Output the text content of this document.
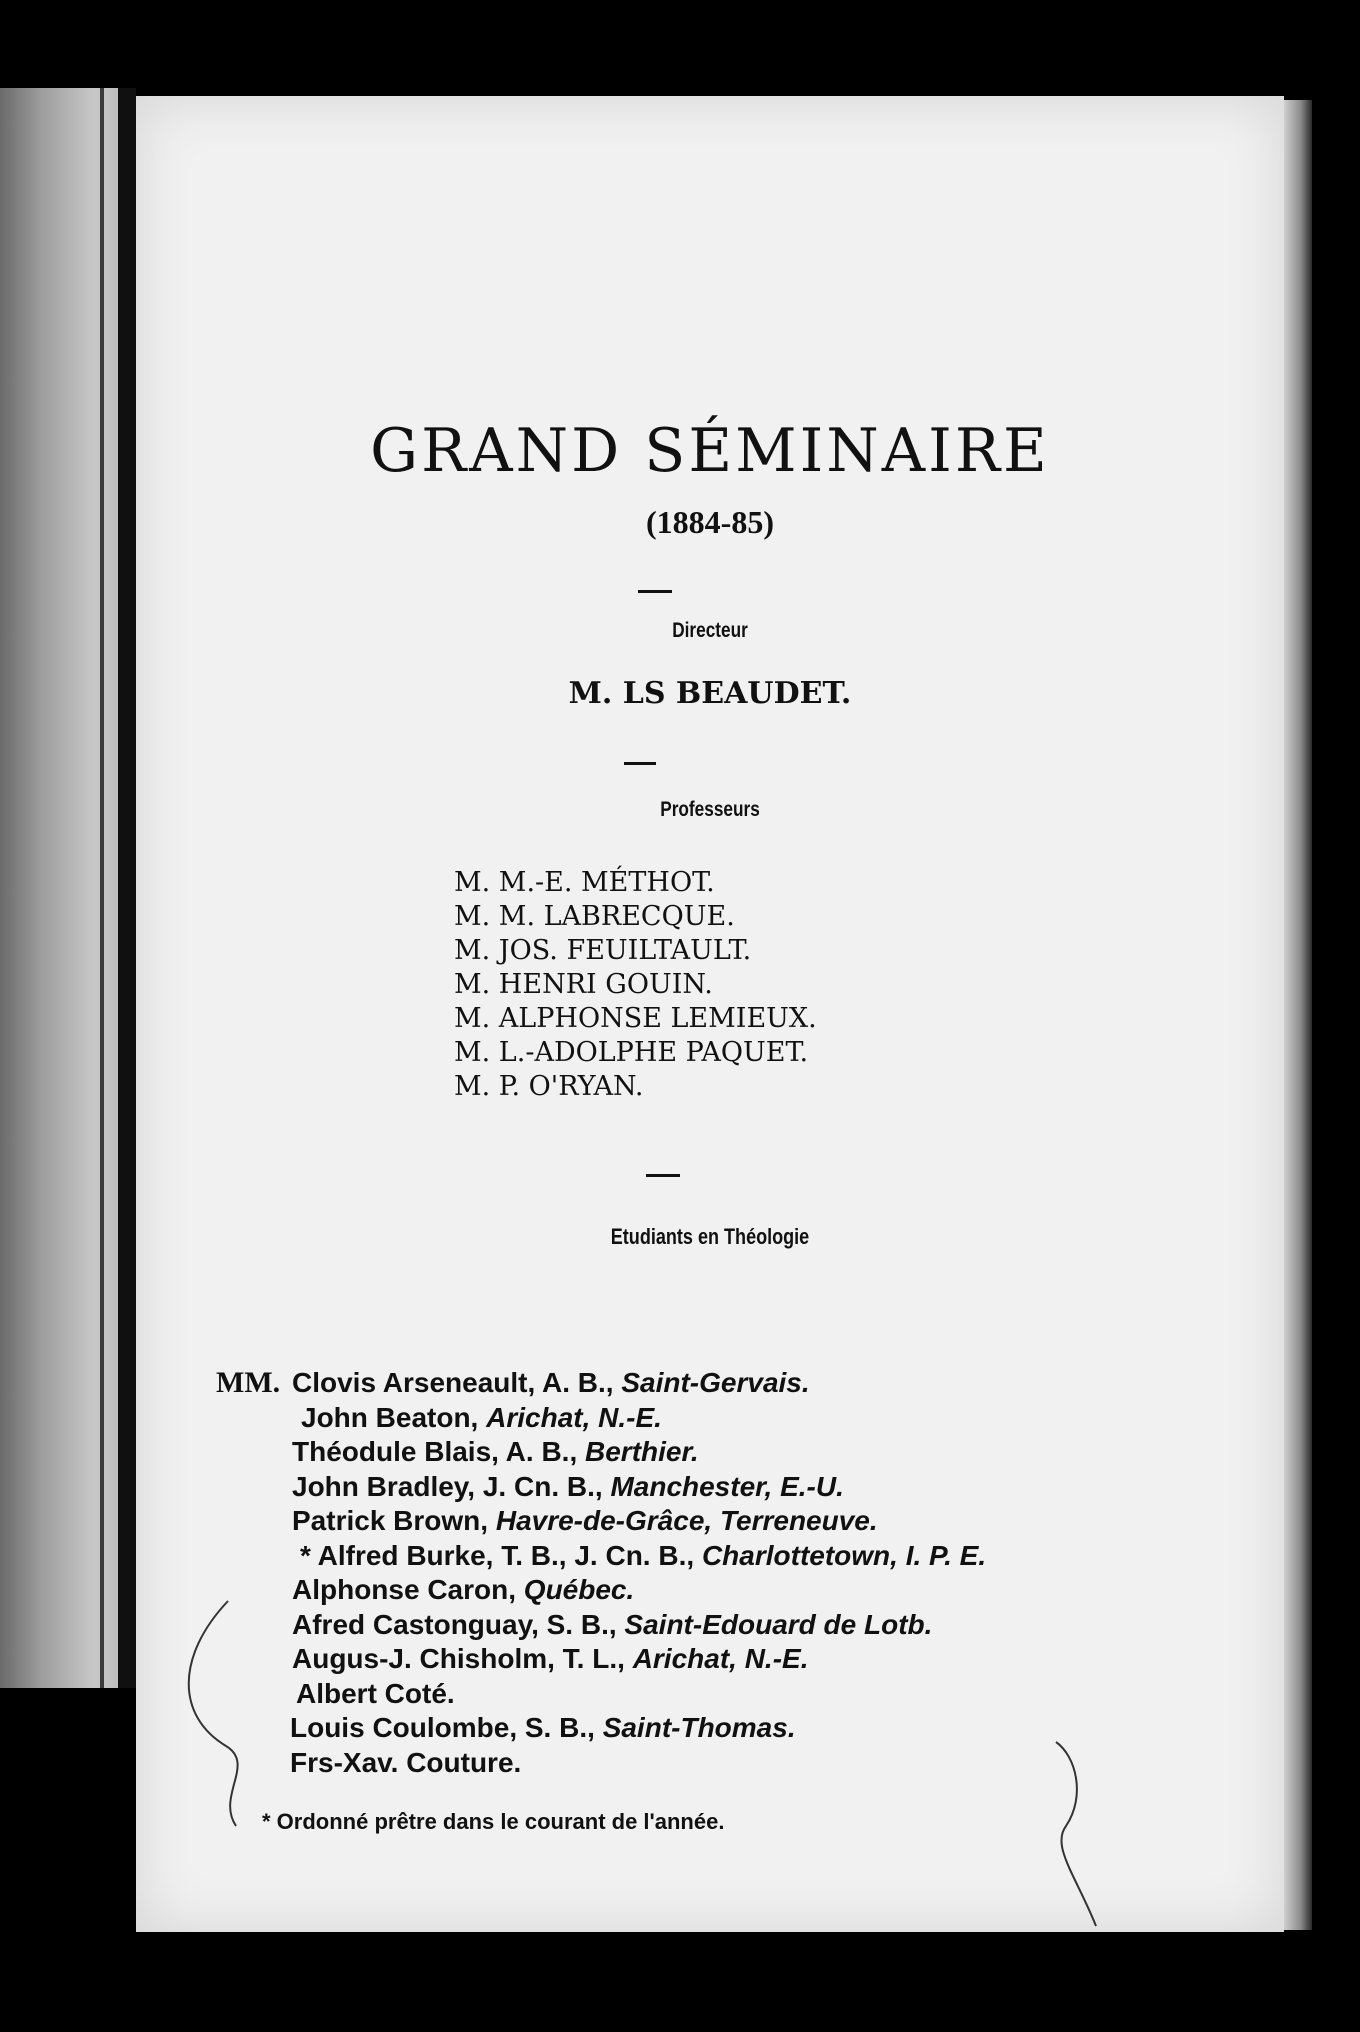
GRAND SÉMINAIRE
(1884-85)
Directeur
M. LS BEAUDET.
Professeurs
M. M.-E. MÉTHOT.
M. M. LABRECQUE.
M. JOS. FEUILTAULT.
M. HENRI GOUIN.
M. ALPHONSE LEMIEUX.
M. L.-ADOLPHE PAQUET.
M. P. O'RYAN.
Etudiants en Théologie
MM. Clovis Arseneault, A. B., Saint-Gervais.
John Beaton, Arichat, N.-E.
Théodule Blais, A. B., Berthier.
John Bradley, J. Cn. B., Manchester, E.-U.
Patrick Brown, Havre-de-Grâce, Terreneuve.
* Alfred Burke, T. B., J. Cn. B., Charlottetown, I. P. E.
Alphonse Caron, Québec.
Afred Castonguay, S. B., Saint-Edouard de Lotb.
Augus-J. Chisholm, T. L., Arichat, N.-E.
Albert Coté.
Louis Coulombe, S. B., Saint-Thomas.
Frs-Xav. Couture.
* Ordonné prêtre dans le courant de l'année.
